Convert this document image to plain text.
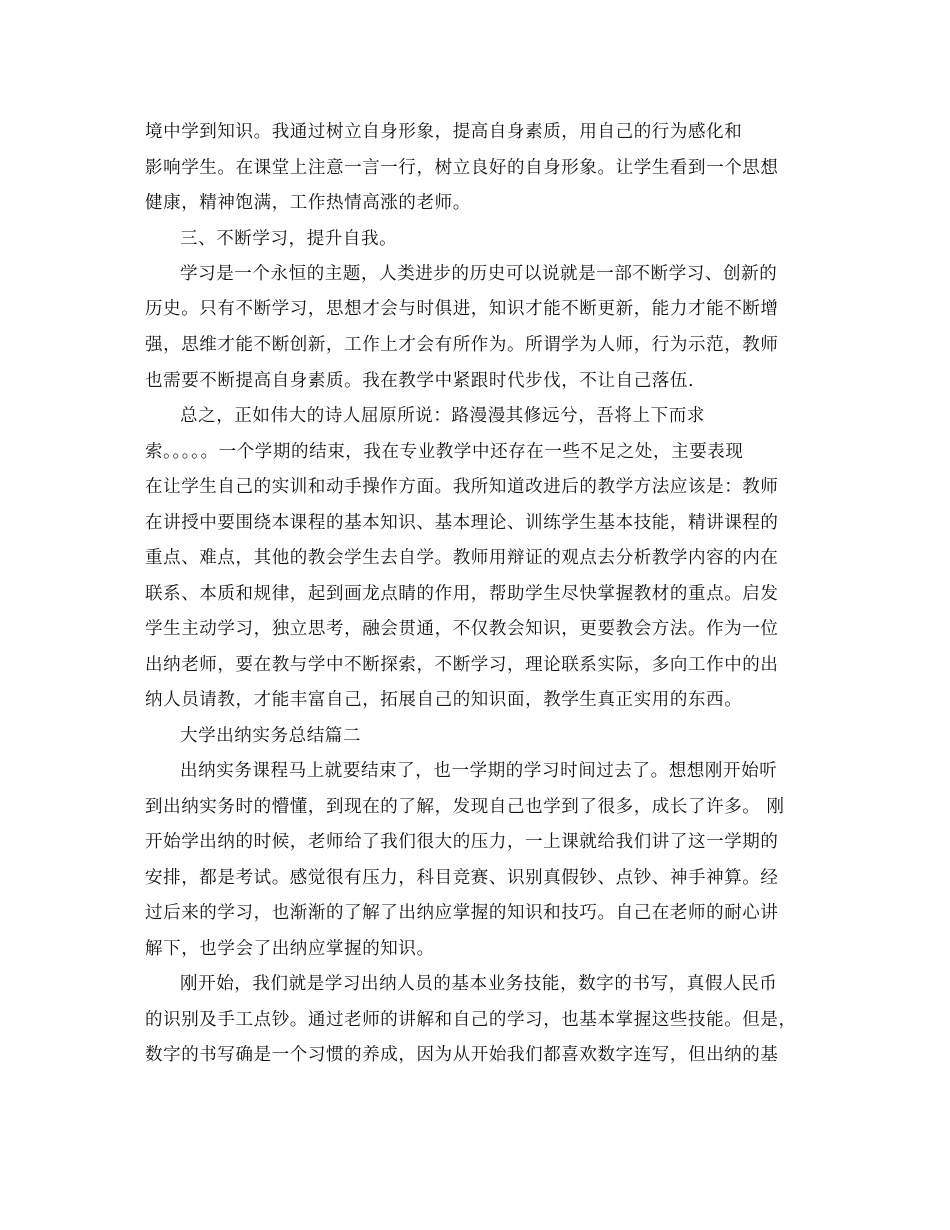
境中学到知识。我通过树立自身形象，提高自身素质，用自己的行为感化和
影响学生。在课堂上注意一言一行，树立良好的自身形象。让学生看到一个思想
健康，精神饱满，工作热情高涨的老师。
三、不断学习，提升自我。
学习是一个永恒的主题，人类进步的历史可以说就是一部不断学习、创新的
历史。只有不断学习，思想才会与时俱进，知识才能不断更新，能力才能不断增
强，思维才能不断创新，工作上才会有所作为。所谓学为人师，行为示范，教师
也需要不断提高自身素质。我在教学中紧跟时代步伐，不让自己落伍.
总之，正如伟大的诗人屈原所说：路漫漫其修远兮，吾将上下而求
索。。。。。一个学期的结束，我在专业教学中还存在一些不足之处，主要表现
在让学生自己的实训和动手操作方面。我所知道改进后的教学方法应该是：教师
在讲授中要围绕本课程的基本知识、基本理论、训练学生基本技能，精讲课程的
重点、难点，其他的教会学生去自学。教师用辩证的观点去分析教学内容的内在
联系、本质和规律，起到画龙点睛的作用，帮助学生尽快掌握教材的重点。启发
学生主动学习，独立思考，融会贯通，不仅教会知识，更要教会方法。作为一位
出纳老师，要在教与学中不断探索，不断学习，理论联系实际，多向工作中的出
纳人员请教，才能丰富自己，拓展自己的知识面，教学生真正实用的东西。
大学出纳实务总结篇二
出纳实务课程马上就要结束了，也一学期的学习时间过去了。想想刚开始听
到出纳实务时的懵懂，到现在的了解，发现自己也学到了很多，成长了许多。 刚
开始学出纳的时候，老师给了我们很大的压力，一上课就给我们讲了这一学期的
安排，都是考试。感觉很有压力，科目竞赛、识别真假钞、点钞、神手神算。经
过后来的学习，也渐渐的了解了出纳应掌握的知识和技巧。自己在老师的耐心讲
解下，也学会了出纳应掌握的知识。
刚开始，我们就是学习出纳人员的基本业务技能，数字的书写，真假人民币
的识别及手工点钞。通过老师的讲解和自己的学习，也基本掌握这些技能。但是，
数字的书写确是一个习惯的养成，因为从开始我们都喜欢数字连写，但出纳的基
